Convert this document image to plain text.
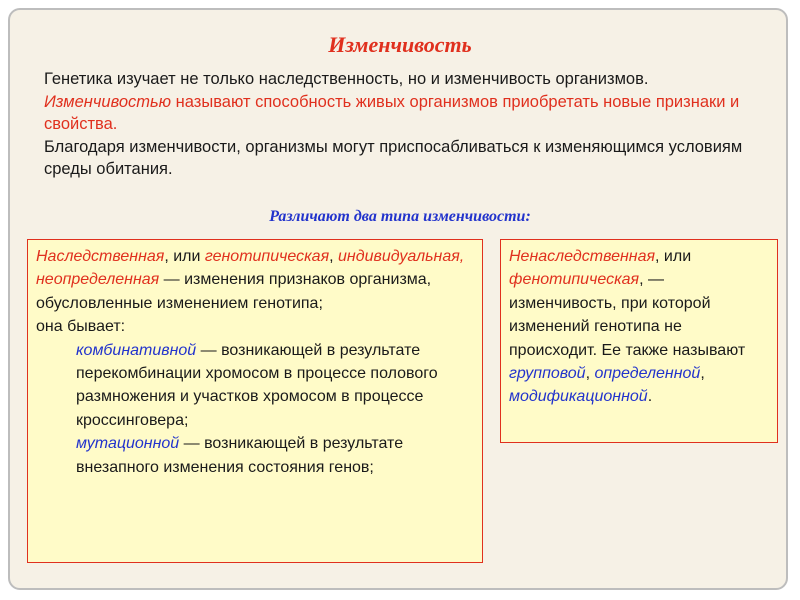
Изменчивость

Генетика изучает не только наследственность, но и изменчивость организмов.

Изменчивостью называют способность живых организмов приобретать новые признаки и свойства.

Благодаря изменчивости, организмы могут приспосабливаться к изменяющимся условиям среды обитания.

Различают два типа изменчивости:

Наследственная, или генотипическая, индивидуальная, неопределенная — изменения признаков организма, обусловленные изменением генотипа;

она бывает:

комбинативной — возникающей в результате перекомбинации хромосом в процессе полового размножения и участков хромосом в процессе кроссинговера;

мутационной — возникающей в результате внезапного изменения состояния генов;

Ненаследственная, или фенотипическая, — изменчивость, при которой изменений генотипа не происходит. Ее также называют групповой, определенной, модификационной.
